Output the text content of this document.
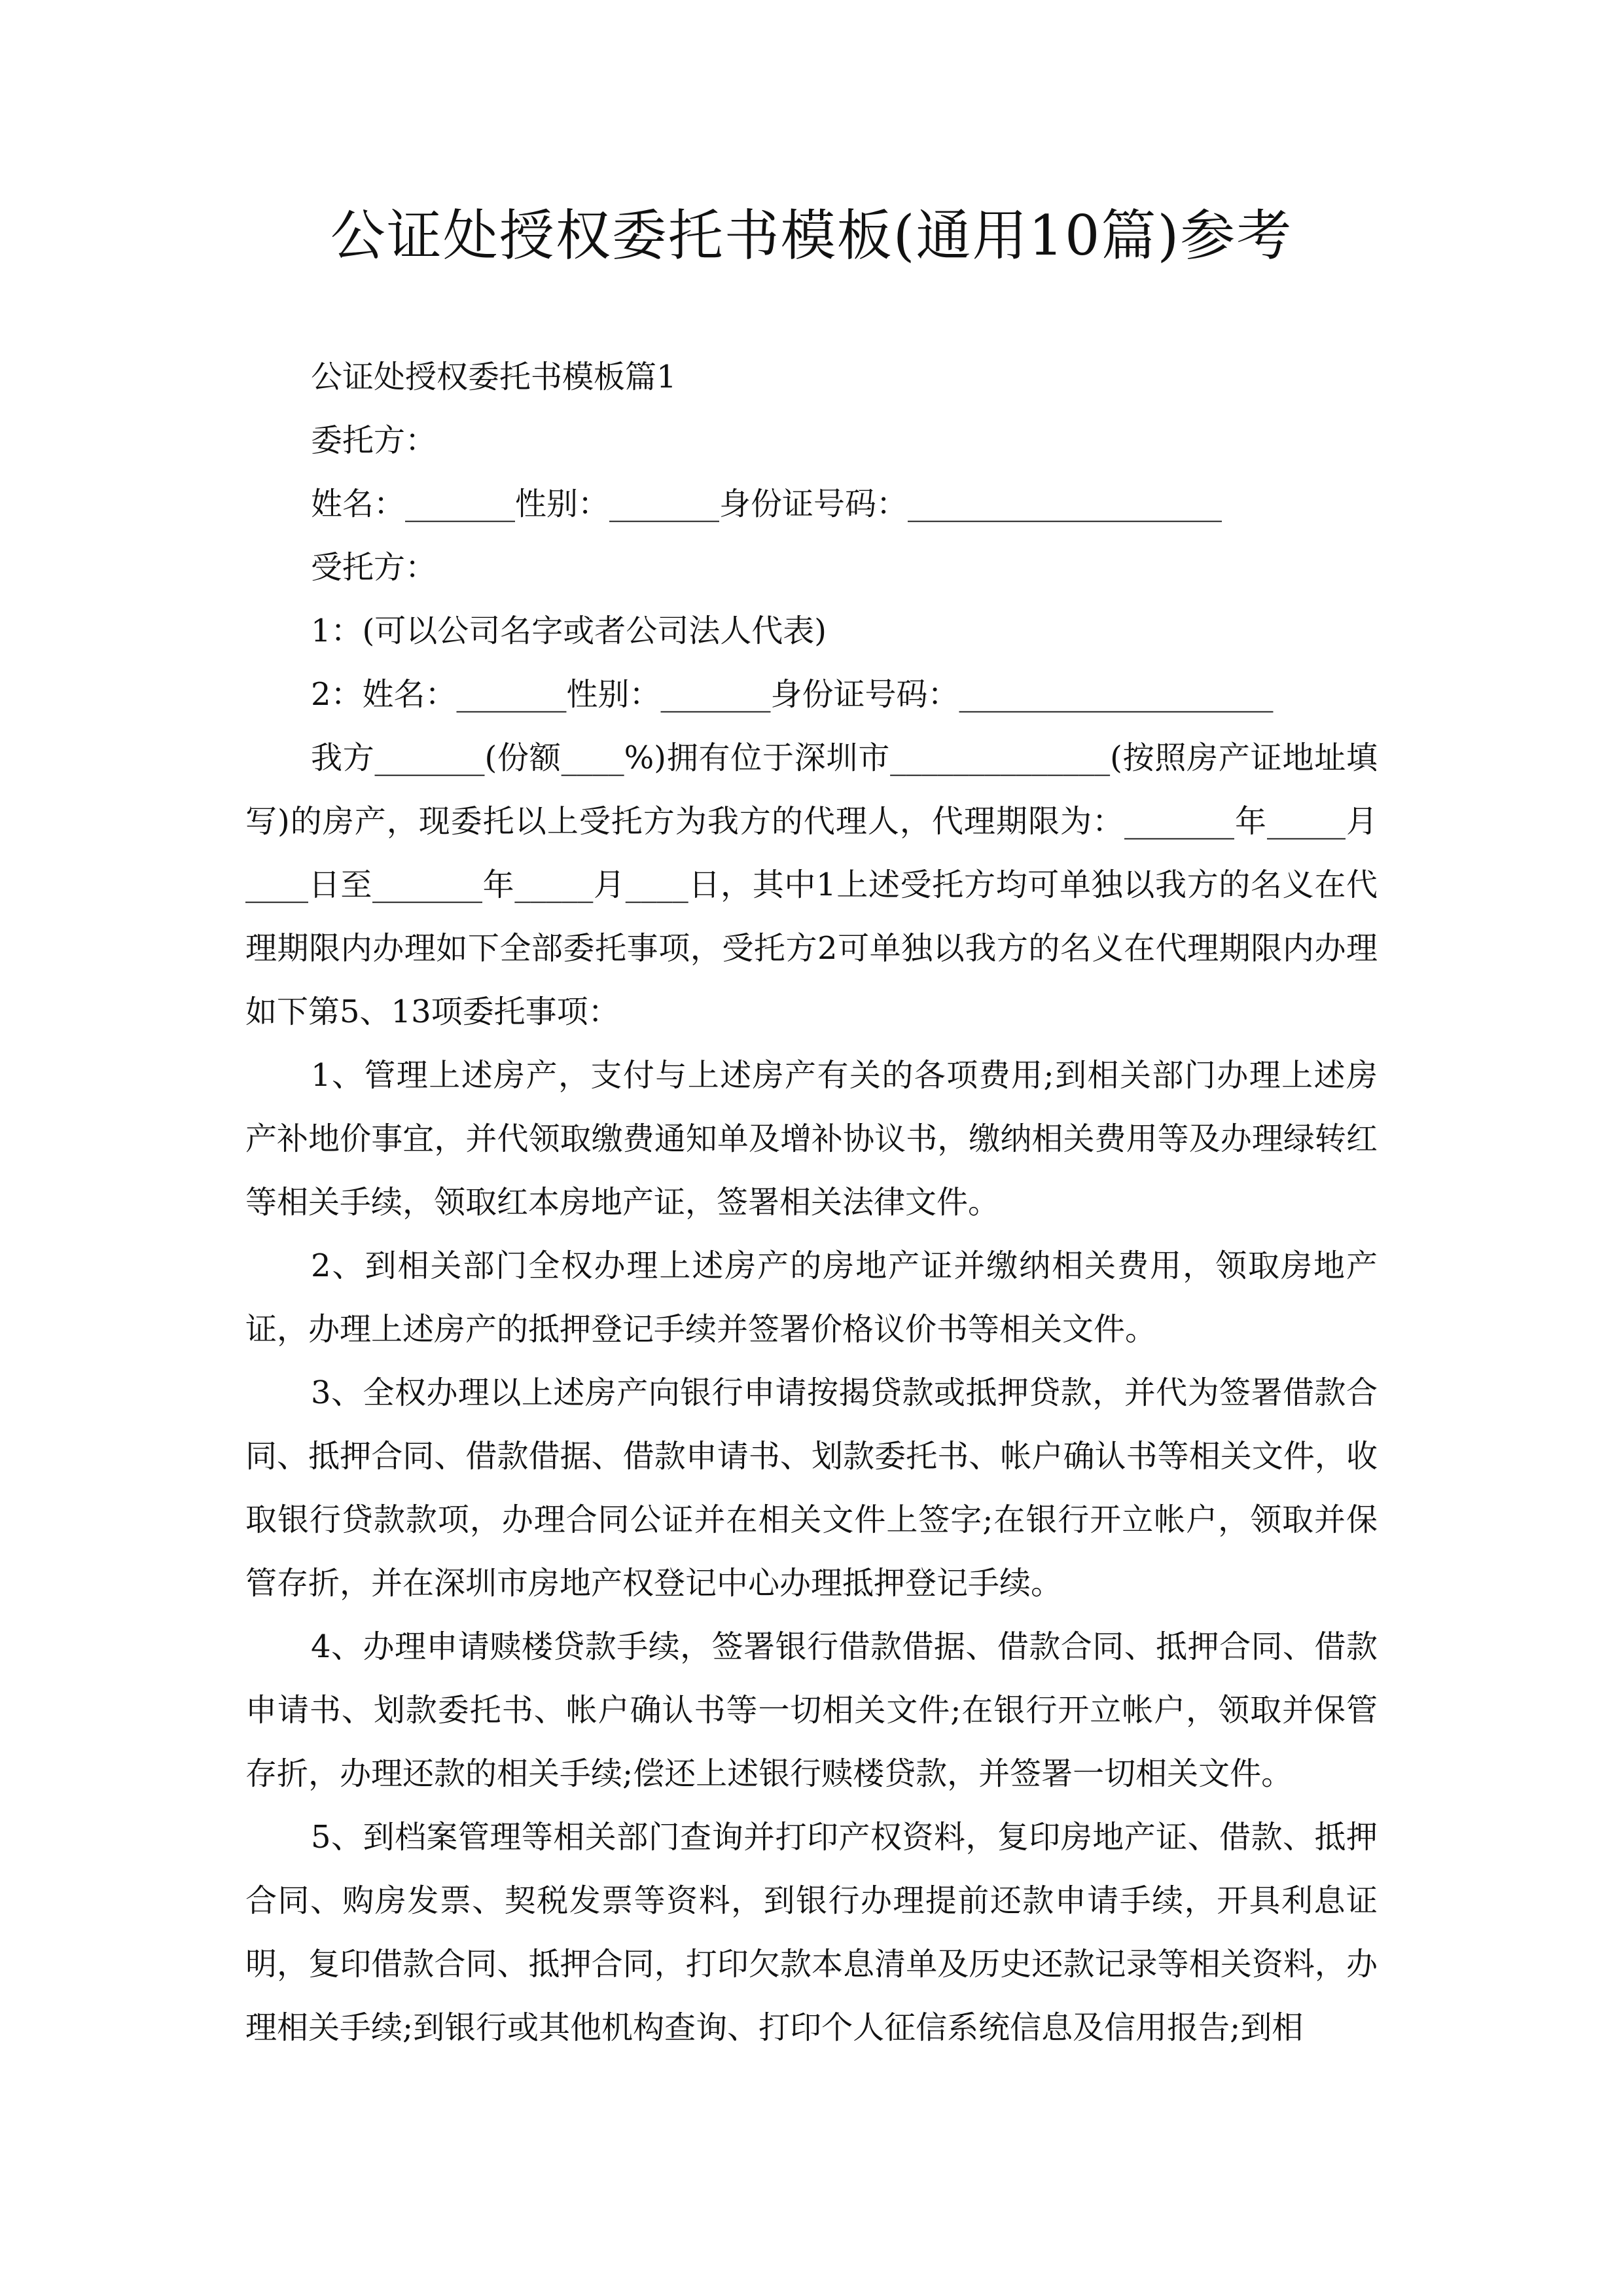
公证处授权委托书模板(通用10篇)参考
公证处授权委托书模板篇1
委托方：
姓名：_______性别：_______身份证号码：____________________
受托方：
1：(可以公司名字或者公司法人代表)
2：姓名：_______性别：_______身份证号码：____________________
我方_______(份额____%)拥有位于深圳市______________(按照房产证地址填写)的房产，现委托以上受托方为我方的代理人，代理期限为：_______年_____月____日至_______年_____月____日，其中1上述受托方均可单独以我方的名义在代理期限内办理如下全部委托事项，受托方2可单独以我方的名义在代理期限内办理如下第5、13项委托事项：
1、管理上述房产，支付与上述房产有关的各项费用;到相关部门办理上述房产补地价事宜，并代领取缴费通知单及增补协议书，缴纳相关费用等及办理绿转红等相关手续，领取红本房地产证，签署相关法律文件。
2、到相关部门全权办理上述房产的房地产证并缴纳相关费用，领取房地产证，办理上述房产的抵押登记手续并签署价格议价书等相关文件。
3、全权办理以上述房产向银行申请按揭贷款或抵押贷款，并代为签署借款合同、抵押合同、借款借据、借款申请书、划款委托书、帐户确认书等相关文件，收取银行贷款款项，办理合同公证并在相关文件上签字;在银行开立帐户，领取并保管存折，并在深圳市房地产权登记中心办理抵押登记手续。
4、办理申请赎楼贷款手续，签署银行借款借据、借款合同、抵押合同、借款申请书、划款委托书、帐户确认书等一切相关文件;在银行开立帐户，领取并保管存折，办理还款的相关手续;偿还上述银行赎楼贷款，并签署一切相关文件。
5、到档案管理等相关部门查询并打印产权资料，复印房地产证、借款、抵押合同、购房发票、契税发票等资料，到银行办理提前还款申请手续，开具利息证明，复印借款合同、抵押合同，打印欠款本息清单及历史还款记录等相关资料，办理相关手续;到银行或其他机构查询、打印个人征信系统信息及信用报告;到相
